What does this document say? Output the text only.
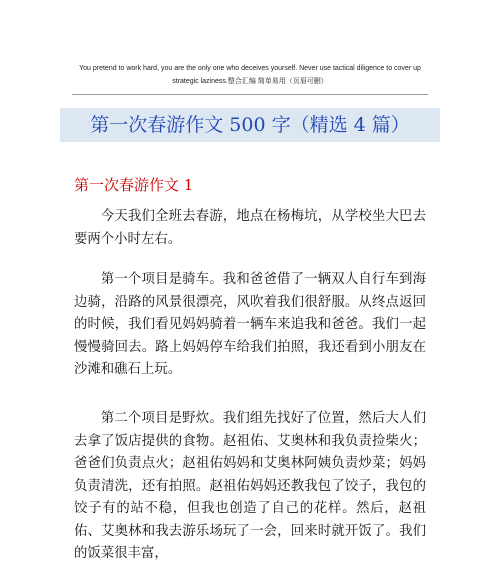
You pretend to work hard, you are the only one who deceives yourself. Never use tactical diligence to cover up
strategic laziness.整合汇编 简单易用（页眉可删）
第一次春游作文 500 字（精选 4 篇）
第一次春游作文 1

今天我们全班去春游，地点在杨梅坑，从学校坐大巴去要两个小时左右。

第一个项目是骑车。我和爸爸借了一辆双人自行车到海边骑，沿路的风景很漂亮，风吹着我们很舒服。从终点返回的时候，我们看见妈妈骑着一辆车来追我和爸爸。我们一起慢慢骑回去。路上妈妈停车给我们拍照，我还看到小朋友在沙滩和礁石上玩。

第二个项目是野炊。我们组先找好了位置，然后大人们去拿了饭店提供的食物。赵祖佑、艾奥林和我负责捡柴火；爸爸们负责点火；赵祖佑妈妈和艾奥林阿姨负责炒菜；妈妈负责清洗，还有拍照。赵祖佑妈妈还教我包了饺子，我包的饺子有的站不稳，但我也创造了自己的花样。然后，赵祖佑、艾奥林和我去游乐场玩了一会，回来时就开饭了。我们的饭菜很丰富，
